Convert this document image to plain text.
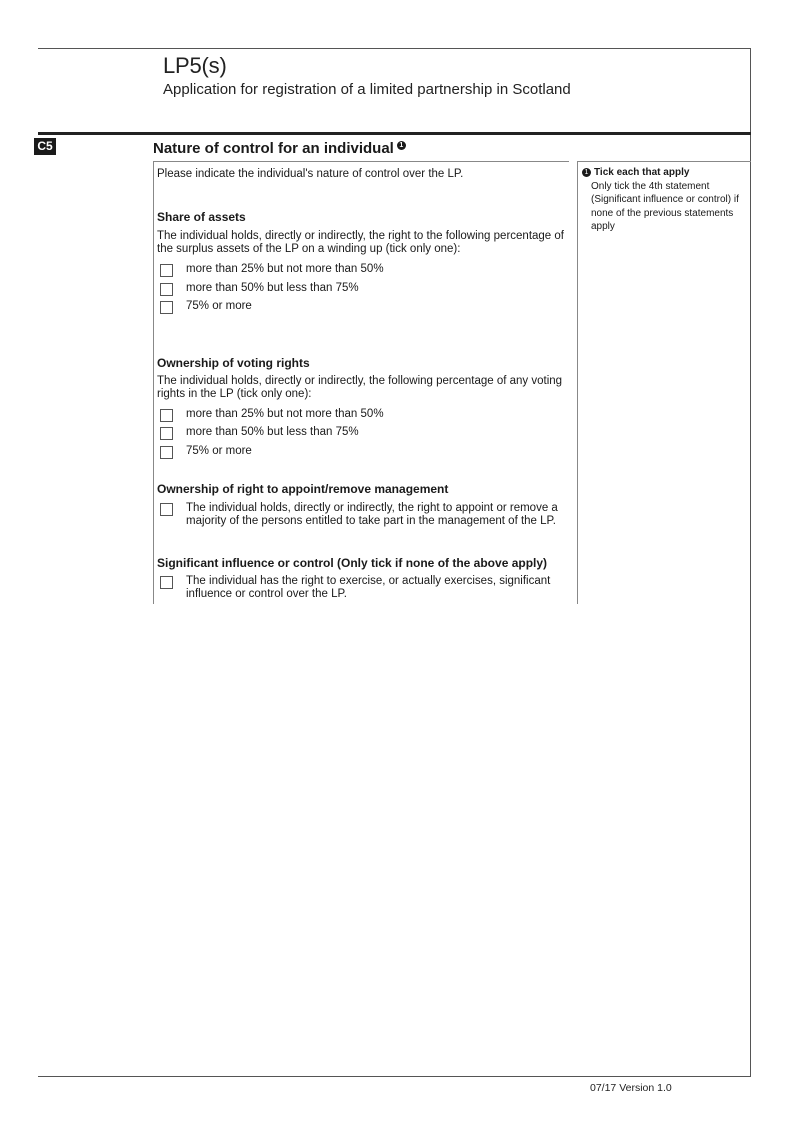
LP5(s)
Application for registration of a limited partnership in Scotland
C5	Nature of control for an individual 1
Please indicate the individual's nature of control over the LP.
Share of assets
The individual holds, directly or indirectly, the right to the following percentage of the surplus assets of the LP on a winding up (tick only one):
more than 25% but not more than 50%
more than 50% but less than 75%
75% or more
Ownership of voting rights
The individual holds, directly or indirectly, the following percentage of any voting rights in the LP (tick only one):
more than 25% but not more than 50%
more than 50% but less than 75%
75% or more
Ownership of right to appoint/remove management
The individual holds, directly or indirectly, the right to appoint or remove a majority of the persons entitled to take part in the management of the LP.
Significant influence or control (Only tick if none of the above apply)
The individual has the right to exercise, or actually exercises, significant influence or control over the LP.
1 Tick each that apply
Only tick the 4th statement (Significant influence or control) if none of the previous statements apply
07/17 Version 1.0
